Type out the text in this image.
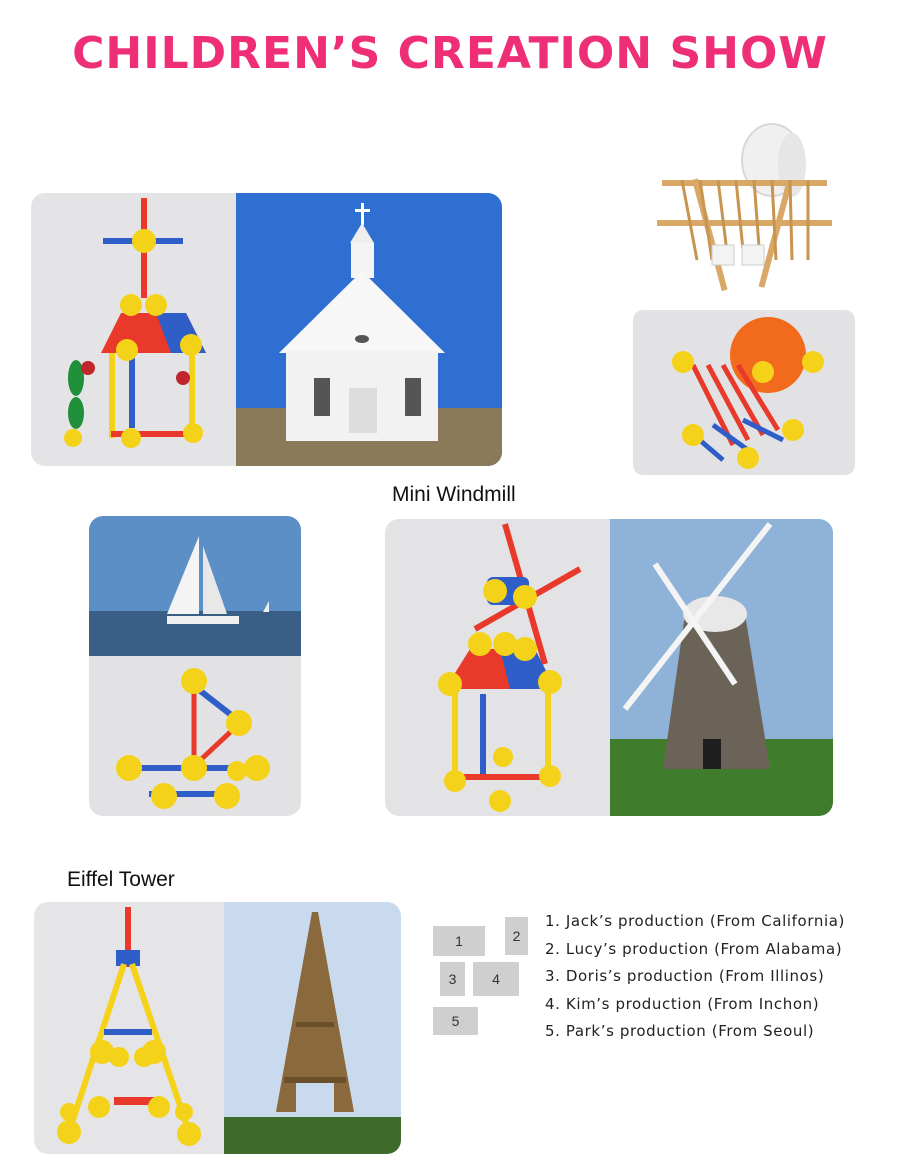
CHILDREN’S CREATION SHOW
Mini Windmill
Eiffel Tower
1	2
3	4
5
1. Jack’s production (From California)
2. Lucy’s production (From Alabama)
3. Doris’s production (From Illinos)
4. Kim’s production (From Inchon)
5. Park’s production (From Seoul)
